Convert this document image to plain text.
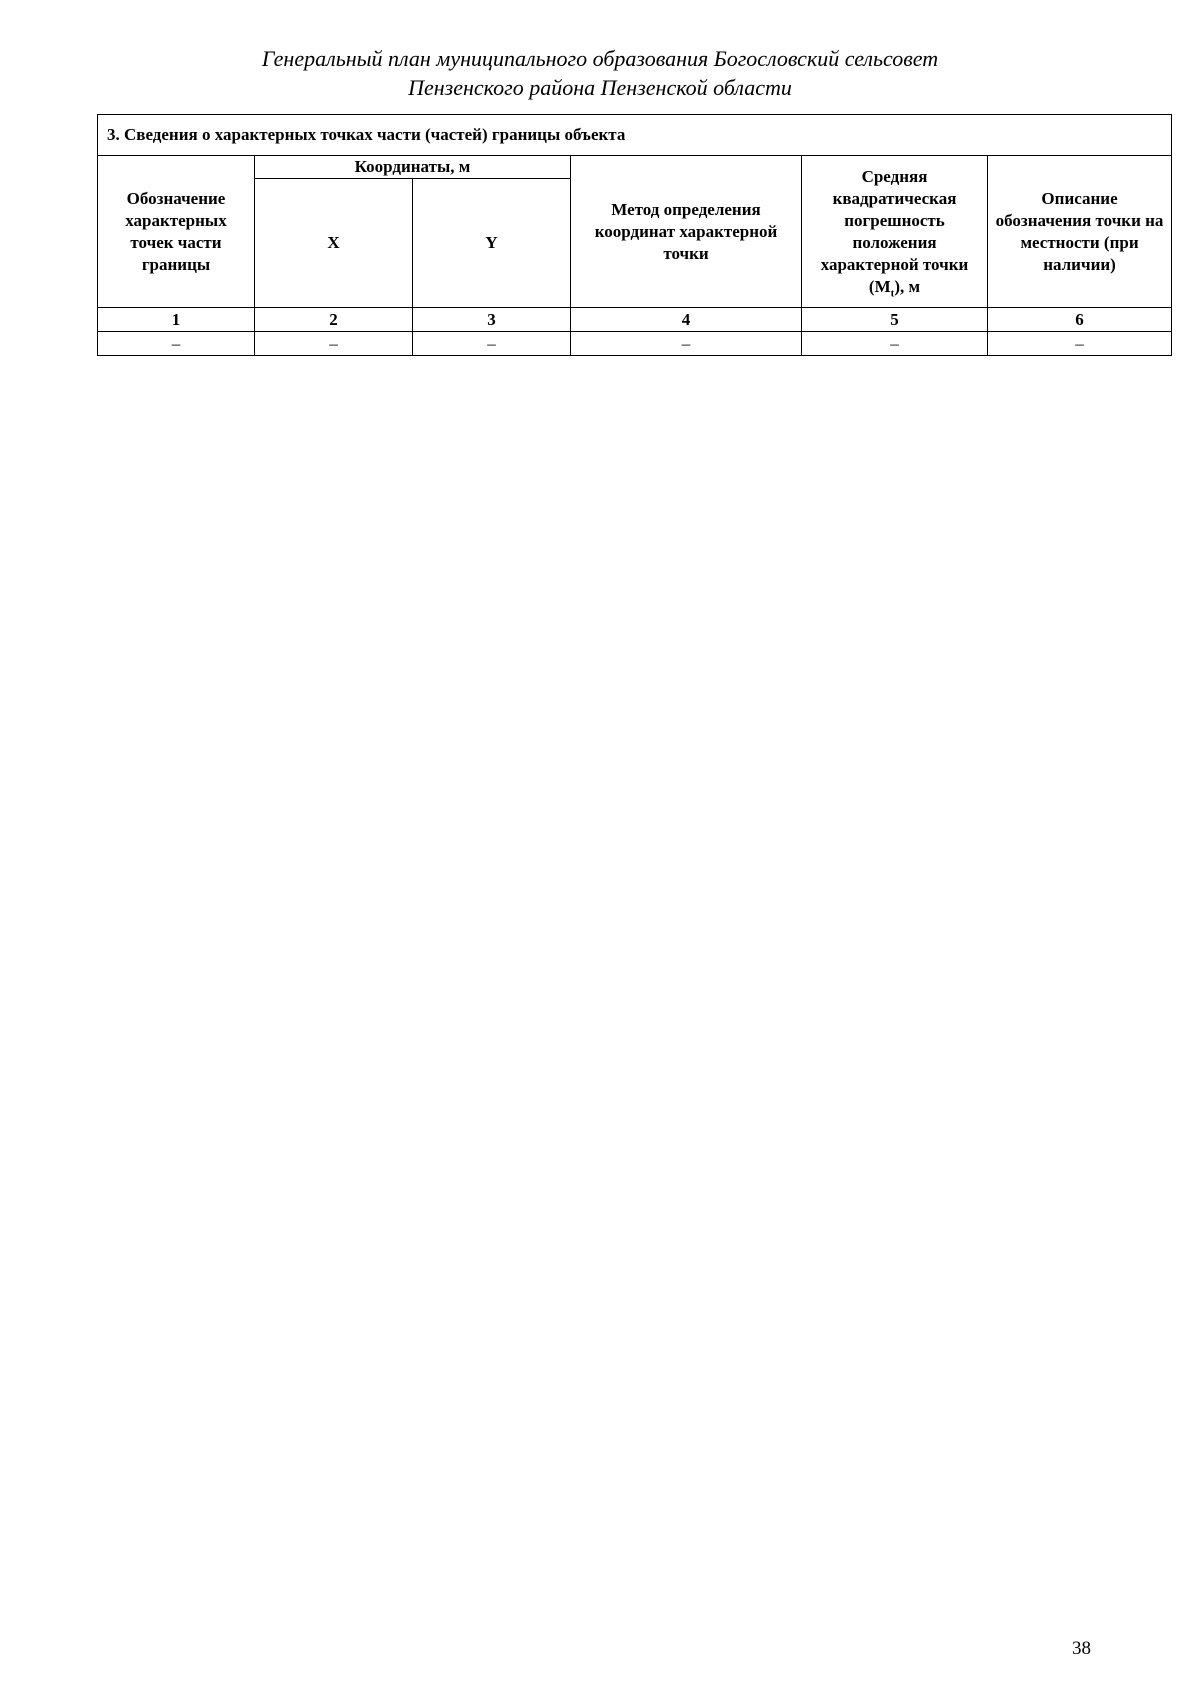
Генеральный план муниципального образования Богословский сельсовет
Пензенского района Пензенской области
3. Сведения о характерных точках части (частей) границы объекта					
Обозначение характерных точек части границы	Координаты, м		Метод определения координат характерной точки	Средняя квадратическая погрешность положения характерной точки $(M_t)$, м	Описание обозначения точки на местности (при наличии)
	X	Y			
1	2	3	4	5	6
–	–	–	–	–	–
38
